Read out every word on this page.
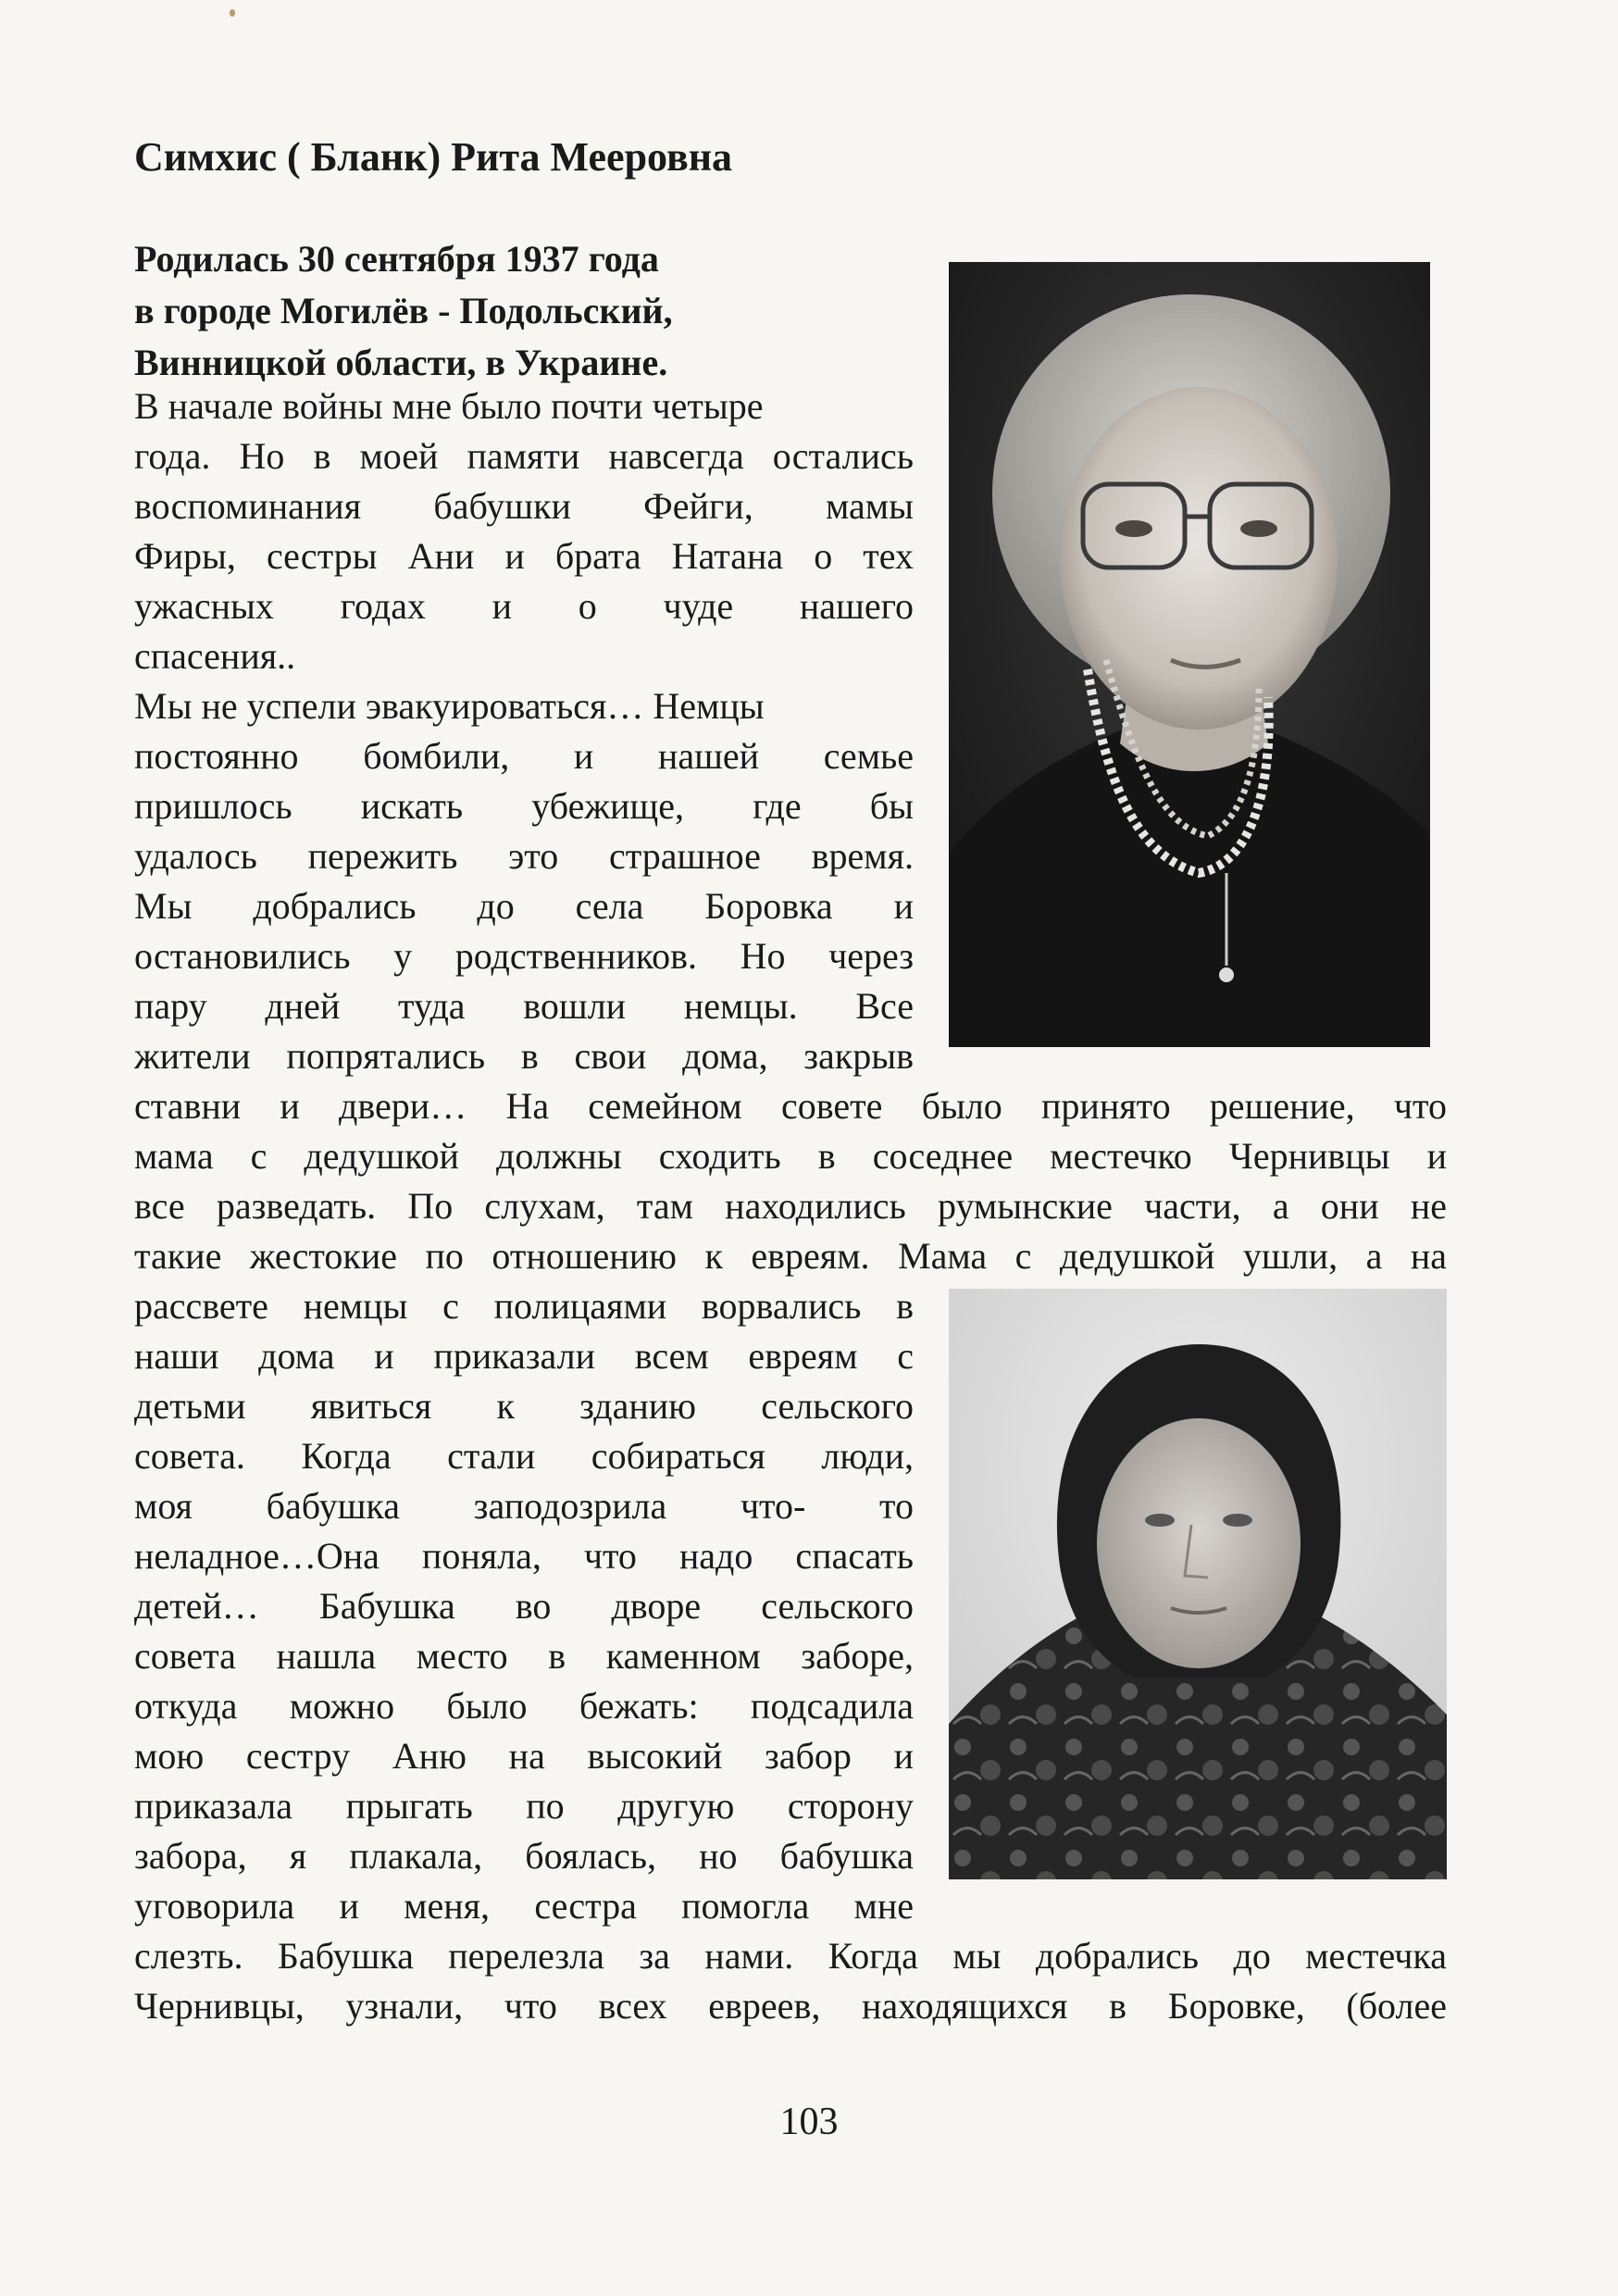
Симхис ( Бланк) Рита Мееровна
Родилась 30 сентября 1937 года
в городе Могилёв - Подольский,
Винницкой области, в Украине.
В начале войны мне было почти четыре
года. Но в моей памяти навсегда остались
воспоминания бабушки Фейги, мамы
Фиры, сестры Ани и брата Натана о тех
ужасных годах и о чуде нашего
спасения..
Мы не успели эвакуироваться… Немцы
постоянно бомбили, и нашей семье
пришлось искать убежище, где бы
удалось пережить это страшное время.
Мы добрались до села Боровка и
остановились у родственников. Но через
пару дней туда вошли немцы. Все
жители попрятались в свои дома, закрыв
ставни и двери… На семейном совете было принято решение, что
мама с дедушкой должны сходить в соседнее местечко Чернивцы и
все разведать. По слухам, там находились румынские части, а они не
такие жестокие по отношению к евреям. Мама с дедушкой ушли, а на
рассвете немцы с полицаями ворвались в
наши дома и приказали всем евреям с
детьми явиться к зданию сельского
совета. Когда стали собираться люди,
моя бабушка заподозрила что- то
неладное…Она поняла, что надо спасать
детей… Бабушка во дворе сельского
совета нашла место в каменном заборе,
откуда можно было бежать: подсадила
мою сестру Аню на высокий забор и
приказала прыгать по другую сторону
забора, я плакала, боялась, но бабушка
уговорила и меня, сестра помогла мне
слезть. Бабушка перелезла за нами. Когда мы добрались до местечка
Чернивцы, узнали, что всех евреев, находящихся в Боровке, (более
103
